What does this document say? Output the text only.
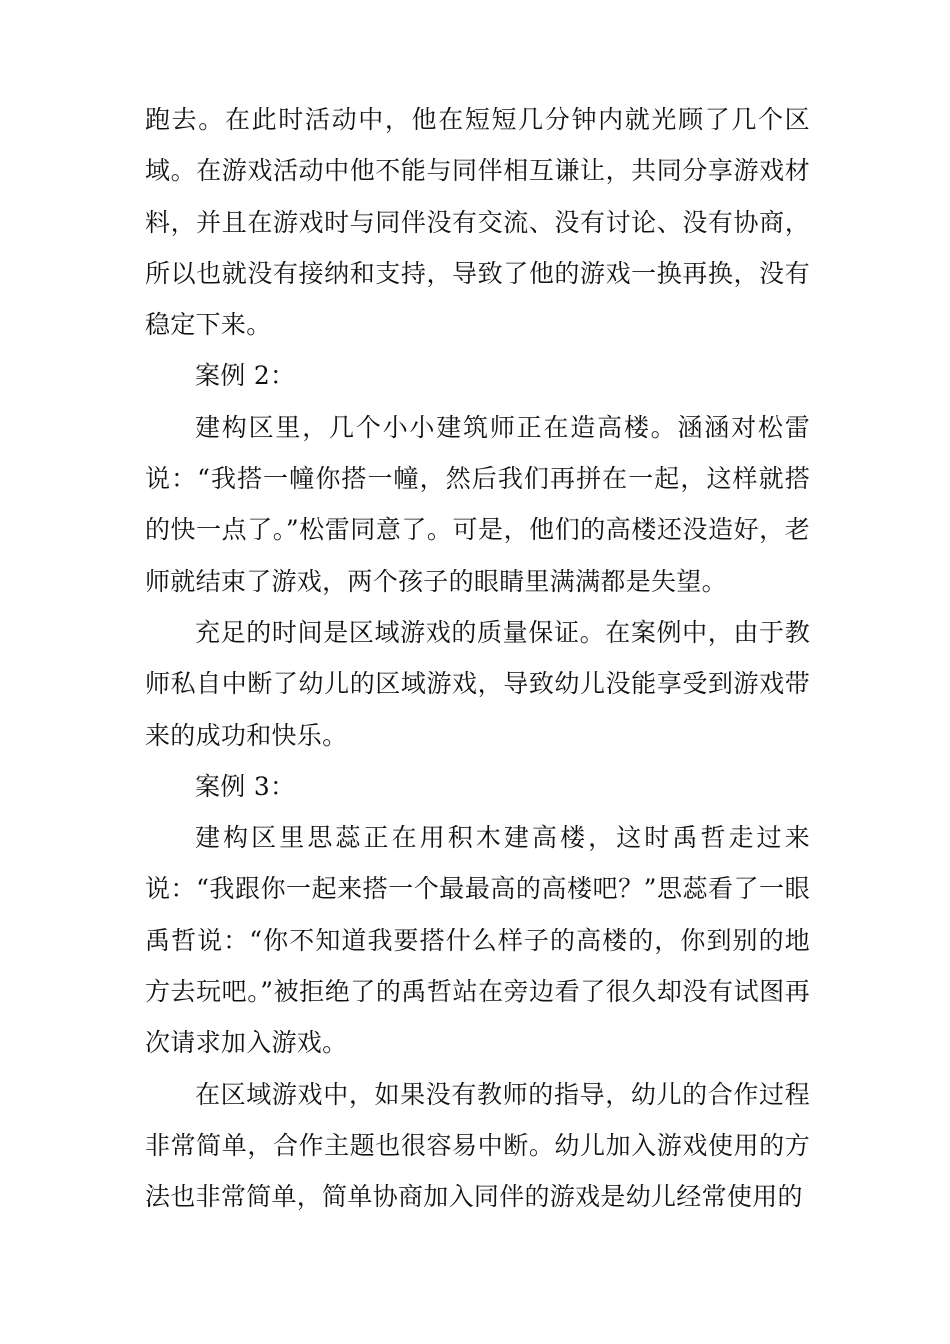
跑去。在此时活动中，他在短短几分钟内就光顾了几个区域。在游戏活动中他不能与同伴相互谦让，共同分享游戏材料，并且在游戏时与同伴没有交流、没有讨论、没有协商，所以也就没有接纳和支持，导致了他的游戏一换再换，没有稳定下来。

案例 2：

建构区里，几个小小建筑师正在造高楼。涵涵对松雷说：“我搭一幢你搭一幢，然后我们再拼在一起，这样就搭的快一点了。”松雷同意了。可是，他们的高楼还没造好，老师就结束了游戏，两个孩子的眼睛里满满都是失望。

充足的时间是区域游戏的质量保证。在案例中，由于教师私自中断了幼儿的区域游戏，导致幼儿没能享受到游戏带来的成功和快乐。

案例 3：

建构区里思蕊正在用积木建高楼，这时禹哲走过来说：“我跟你一起来搭一个最最高的高楼吧？”思蕊看了一眼禹哲说：“你不知道我要搭什么样子的高楼的，你到别的地方去玩吧。”被拒绝了的禹哲站在旁边看了很久却没有试图再次请求加入游戏。

在区域游戏中，如果没有教师的指导，幼儿的合作过程非常简单，合作主题也很容易中断。幼儿加入游戏使用的方法也非常简单，简单协商加入同伴的游戏是幼儿经常使用的
